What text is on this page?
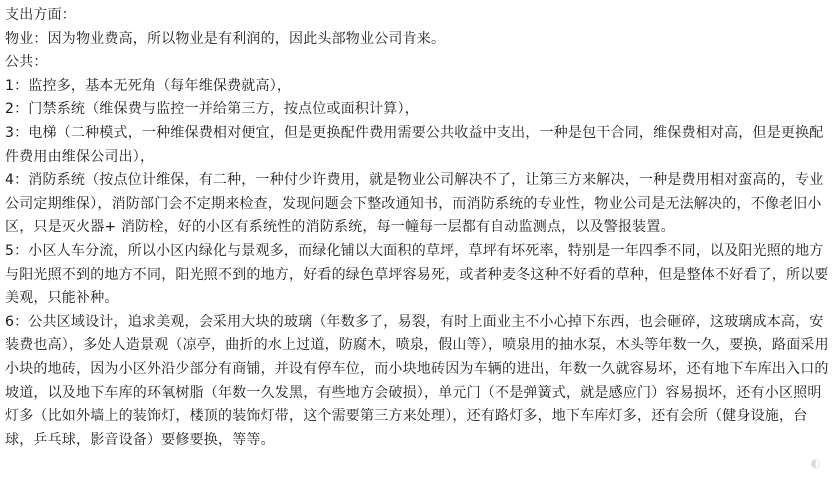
支出方面：

物业：因为物业费高，所以物业是有利润的，因此头部物业公司肯来。

公共：

1：监控多，基本无死角（每年维保费就高），

2：门禁系统（维保费与监控一并给第三方，按点位或面积计算），

3：电梯（二种模式，一种维保费相对便宜，但是更换配件费用需要公共收益中支出，一种是包干合同，维保费相对高，但是更换配件费用由维保公司出），

4：消防系统（按点位计维保，有二种，一种付少许费用，就是物业公司解决不了，让第三方来解决，一种是费用相对蛮高的，专业公司定期维保），消防部门会不定期来检查，发现问题会下整改通知书，而消防系统的专业性，物业公司是无法解决的，不像老旧小区，只是灭火器+ 消防栓，好的小区有系统性的消防系统，每一幢每一层都有自动监测点，以及警报装置。

5：小区人车分流，所以小区内绿化与景观多，而绿化铺以大面积的草坪，草坪有坏死率，特别是一年四季不同，以及阳光照的地方与阳光照不到的地方不同，阳光照不到的地方，好看的绿色草坪容易死，或者种麦冬这种不好看的草种，但是整体不好看了，所以要美观，只能补种。

6：公共区域设计，追求美观，会采用大块的玻璃（年数多了，易裂，有时上面业主不小心掉下东西，也会砸碎，这玻璃成本高，安装费也高），多处人造景观（凉亭，曲折的水上过道，防腐木，喷泉，假山等），喷泉用的抽水泵，木头等年数一久，要换，路面采用小块的地砖，因为小区外沿少部分有商铺，并设有停车位，而小块地砖因为车辆的进出，年数一久就容易坏，还有地下车库出入口的坡道，以及地下车库的环氧树脂（年数一久发黑，有些地方会破损），单元门（不是弹簧式，就是感应门）容易损坏，还有小区照明灯多（比如外墙上的装饰灯，楼顶的装饰灯带，这个需要第三方来处理），还有路灯多，地下车库灯多，还有会所（健身设施，台球，乒乓球，影音设备）要修要换，等等。

◐
